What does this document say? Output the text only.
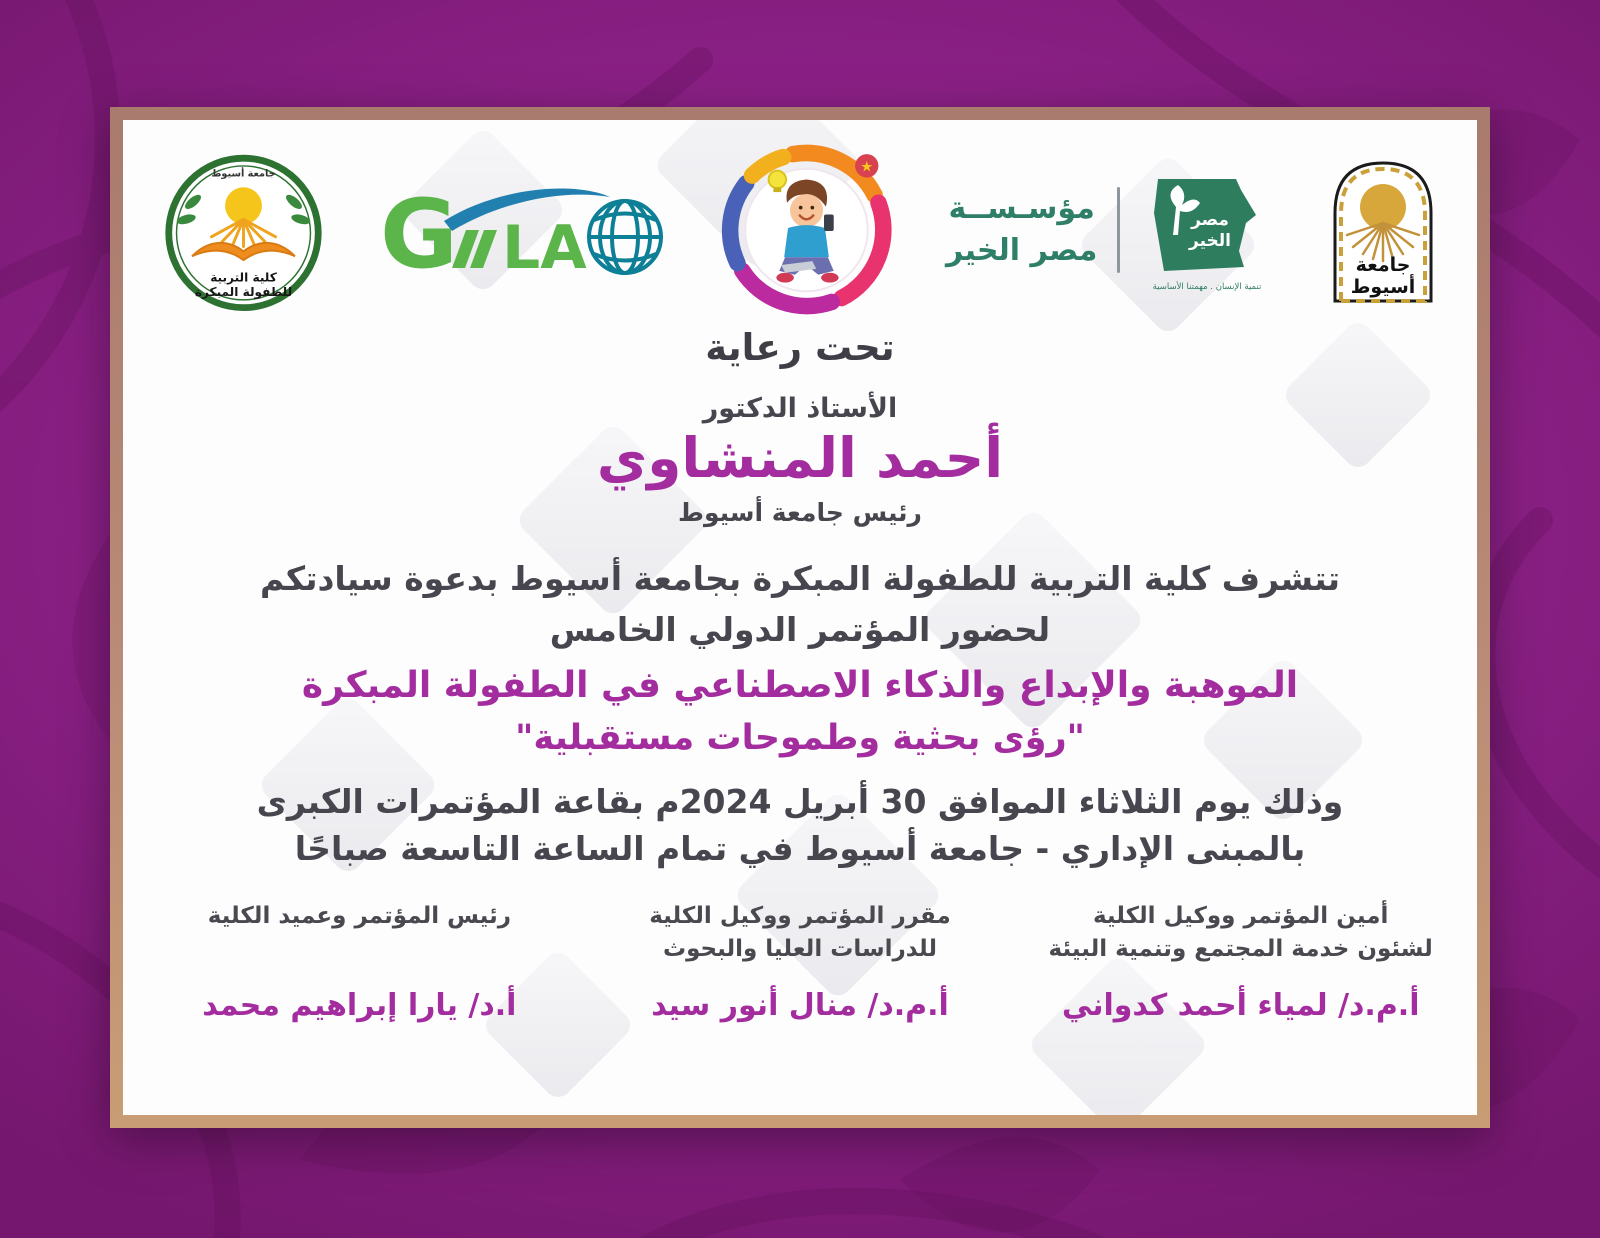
جامعة أسيوط
كلية التربية
للطفولة المبكرة
G LA
★
مؤسـســة
مصر الخير
مصر
الخير
تنمية الإنسان . مهمتنا الأساسية
جامعة
أسيوط
تحت رعاية
الأستاذ الدكتور
أحمد المنشاوي
رئيس جامعة أسيوط
تتشرف كلية التربية للطفولة المبكرة بجامعة أسيوط بدعوة سيادتكم
لحضور المؤتمر الدولي الخامس
الموهبة والإبداع والذكاء الاصطناعي في الطفولة المبكرة
"رؤى بحثية وطموحات مستقبلية"
وذلك يوم الثلاثاء الموافق 30 أبريل 2024م بقاعة المؤتمرات الكبرى
بالمبنى الإداري - جامعة أسيوط في تمام الساعة التاسعة صباحًا
أمين المؤتمر ووكيل الكلية
لشئون خدمة المجتمع وتنمية البيئة
أ.م.د/ لمياء أحمد كدواني
مقرر المؤتمر ووكيل الكلية
للدراسات العليا والبحوث
أ.م.د/ منال أنور سيد
رئيس المؤتمر وعميد الكلية
أ.د/ يارا إبراهيم محمد
